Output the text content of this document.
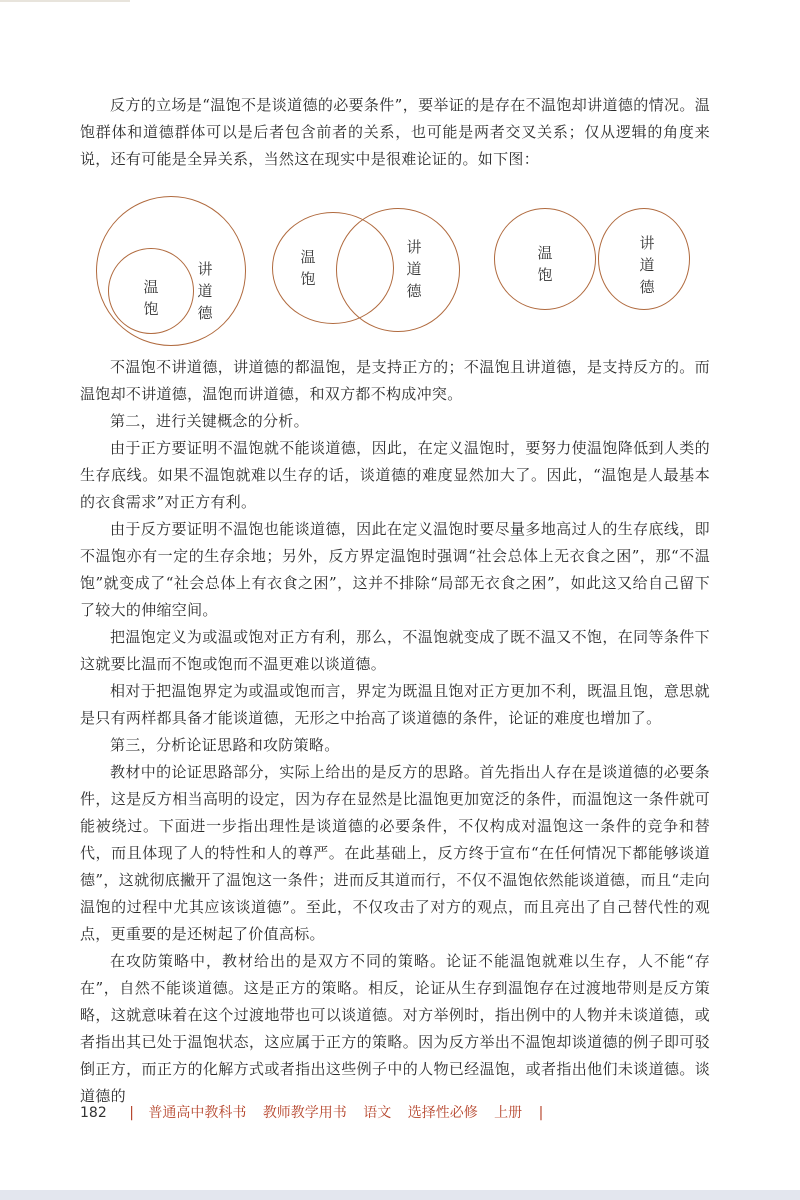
反方的立场是“温饱不是谈道德的必要条件”，要举证的是存在不温饱却讲道德的情况。温饱群体和道德群体可以是后者包含前者的关系，也可能是两者交叉关系；仅从逻辑的角度来说，还有可能是全异关系，当然这在现实中是很难论证的。如下图：

温饱
讲道德
温饱
讲道德
温饱
讲道德

不温饱不讲道德，讲道德的都温饱，是支持正方的；不温饱且讲道德，是支持反方的。而温饱却不讲道德，温饱而讲道德，和双方都不构成冲突。

第二，进行关键概念的分析。

由于正方要证明不温饱就不能谈道德，因此，在定义温饱时，要努力使温饱降低到人类的生存底线。如果不温饱就难以生存的话，谈道德的难度显然加大了。因此，“温饱是人最基本的衣食需求”对正方有利。

由于反方要证明不温饱也能谈道德，因此在定义温饱时要尽量多地高过人的生存底线，即不温饱亦有一定的生存余地；另外，反方界定温饱时强调“社会总体上无衣食之困”，那“不温饱”就变成了“社会总体上有衣食之困”，这并不排除“局部无衣食之困”，如此这又给自己留下了较大的伸缩空间。

把温饱定义为或温或饱对正方有利，那么，不温饱就变成了既不温又不饱，在同等条件下这就要比温而不饱或饱而不温更难以谈道德。

相对于把温饱界定为或温或饱而言，界定为既温且饱对正方更加不利，既温且饱，意思就是只有两样都具备才能谈道德，无形之中抬高了谈道德的条件，论证的难度也增加了。

第三，分析论证思路和攻防策略。

教材中的论证思路部分，实际上给出的是反方的思路。首先指出人存在是谈道德的必要条件，这是反方相当高明的设定，因为存在显然是比温饱更加宽泛的条件，而温饱这一条件就可能被绕过。下面进一步指出理性是谈道德的必要条件，不仅构成对温饱这一条件的竞争和替代，而且体现了人的特性和人的尊严。在此基础上，反方终于宣布“在任何情况下都能够谈道德”，这就彻底撇开了温饱这一条件；进而反其道而行，不仅不温饱依然能谈道德，而且“走向温饱的过程中尤其应该谈道德”。至此，不仅攻击了对方的观点，而且亮出了自己替代性的观点，更重要的是还树起了价值高标。

在攻防策略中，教材给出的是双方不同的策略。论证不能温饱就难以生存，人不能“存在”，自然不能谈道德。这是正方的策略。相反，论证从生存到温饱存在过渡地带则是反方策略，这就意味着在这个过渡地带也可以谈道德。对方举例时，指出例中的人物并未谈道德，或者指出其已处于温饱状态，这应属于正方的策略。因为反方举出不温饱却谈道德的例子即可驳倒正方，而正方的化解方式或者指出这些例子中的人物已经温饱，或者指出他们未谈道德。谈道德的

182 | 普通高中教科书 教师教学用书 语文 选择性必修 上册 |
